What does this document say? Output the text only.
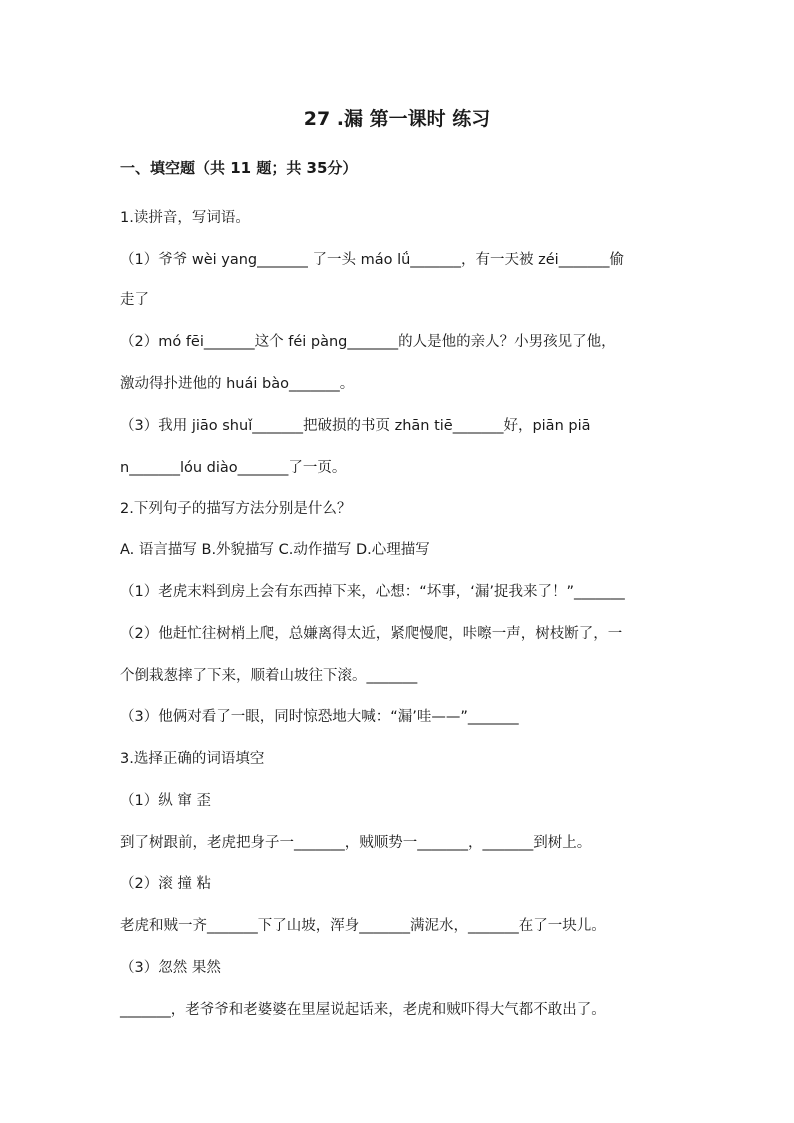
27 .漏 第一课时 练习
一、填空题（共 11 题；共 35分）
1.读拼音，写词语。
（1）爷爷 wèi yang_______ 了一头 máo lǘ_______，有一天被 zéi_______偷
走了
（2）mó fēi_______这个 féi pàng_______的人是他的亲人？小男孩见了他，
激动得扑进他的 huái bào_______。
（3）我用 jiāo shuǐ_______把破损的书页 zhān tiē_______好，piān piā
n_______lóu diào_______了一页。
2.下列句子的描写方法分别是什么？
A. 语言描写 B.外貌描写 C.动作描写 D.心理描写
（1）老虎末料到房上会有东西掉下来，心想：“坏事，‘漏’捉我来了！”_______
（2）他赶忙往树梢上爬，总嫌离得太近，紧爬慢爬，咔嚓一声，树枝断了，一
个倒栽葱摔了下来，顺着山坡往下滚。_______
（3）他俩对看了一眼，同时惊恐地大喊：“漏’哇——”_______
3.选择正确的词语填空
（1）纵 窜 歪
到了树跟前，老虎把身子一_______，贼顺势一_______，_______到树上。
（2）滚 撞 粘
老虎和贼一齐_______下了山坡，浑身_______满泥水，_______在了一块儿。
（3）忽然 果然
_______，老爷爷和老婆婆在里屋说起话来，老虎和贼吓得大气都不敢出了。
